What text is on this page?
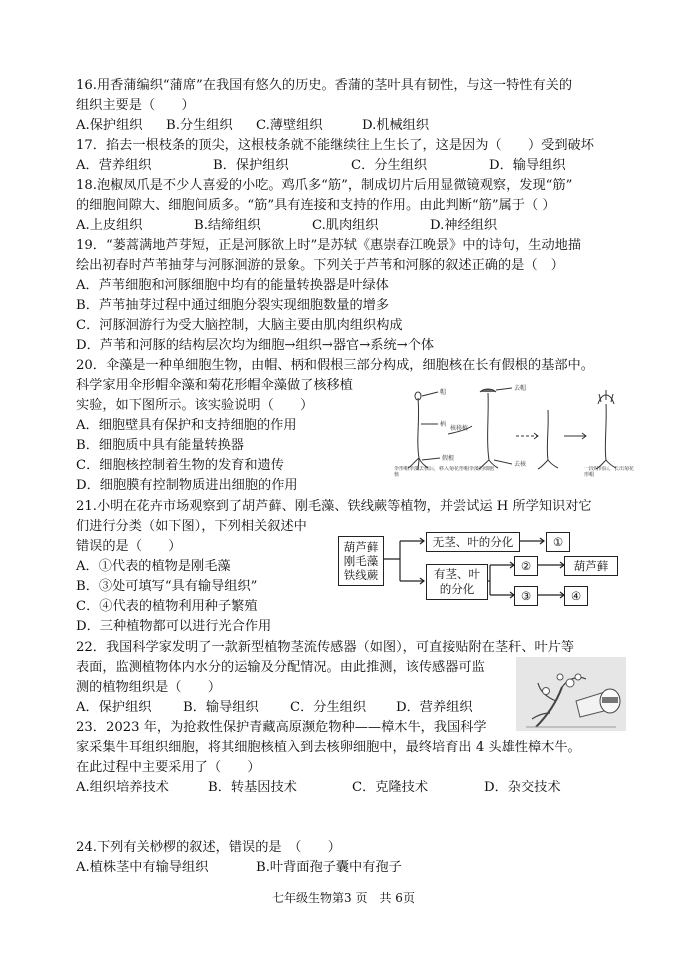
16.用香蒲编织“蒲席”在我国有悠久的历史。香蒲的茎叶具有韧性，与这一特性有关的
组织主要是（　　）
A.保护组织 B.分生组织 C.薄壁组织	D.机械组织
17．掐去一根枝条的顶尖，这根枝条就不能继续往上生长了，这是因为（　　）受到破坏
A．营养组织	B．保护组织	C．分生组织	D．输导组织
18.泡椒凤爪是不少人喜爱的小吃。鸡爪多“筋”，制成切片后用显微镜观察，发现“筋”
的细胞间隙大、细胞间质多。“筋”具有连接和支持的作用。由此判断“筋”属于（ ）
A.上皮组织	B.结缔组织	C.肌肉组织	D.神经组织
19．“蒌蒿满地芦芽短，正是河豚欲上时”是苏轼《惠崇春江晚景》中的诗句，生动地描
绘出初春时芦苇抽芽与河豚洄游的景象。下列关于芦苇和河豚的叙述正确的是（　）
A．芦苇细胞和河豚细胞中均有的能量转换器是叶绿体
B．芦苇抽芽过程中通过细胞分裂实现细胞数量的增多
C．河豚洄游行为受大脑控制，大脑主要由肌肉组织构成
D．芦苇和河豚的结构层次均为细胞→组织→器官→系统→个体
20．伞藻是一种单细胞生物，由帽、柄和假根三部分构成，细胞核在长有假根的基部中。
科学家用伞形帽伞藻和菊花形帽伞藻做了核移植
实验，如下图所示。该实验说明（　　）
A．细胞壁具有保护和支持细胞的作用
B．细胞质中具有能量转换器
C．细胞核控制着生物的发育和遗传
D．细胞膜有控制物质进出细胞的作用
帽
柄
核移植
假根
去帽
去核
伞形帽伞藻去核后，移入菊花形帽伞藻的细胞核
一段时间后，长出菊花形帽
21.小明在花卉市场观察到了胡芦藓、刚毛藻、铁线蕨等植物，并尝试运 H 所学知识对它
们进行分类（如下图），下列相关叙述中
错误的是（　　）
A．①代表的植物是刚毛藻
B．③处可填写“具有输导组织”
C．④代表的植物利用种子繁殖
D．三种植物都可以进行光合作用
葫芦藓
刚毛藻
铁线蕨
无茎、叶的分化	①
有茎、叶
的分化
②	葫芦藓
③	④
22．我国科学家发明了一款新型植物茎流传感器（如图），可直接贴附在茎秆、叶片等
表面，监测植物体内水分的运输及分配情况。由此推测，该传感器可监
测的植物组织是（　　）
A．保护组织 B．输导组织 C．分生组织 D．营养组织
23．2023 年，为抢救性保护青藏高原濒危物种——樟木牛，我国科学
家采集牛耳组织细胞，将其细胞核植入到去核卵细胞中，最终培育出 4 头雄性樟木牛。
在此过程中主要采用了（　　）
A.组织培养技术	B．转基因技术	C．克隆技术	D．杂交技术
24.下列有关桫椤的叙述，错误的是　（　　）
A.植株茎中有输导组织	B.叶背面孢子囊中有孢子
七年级生物第3 页　共 6页
